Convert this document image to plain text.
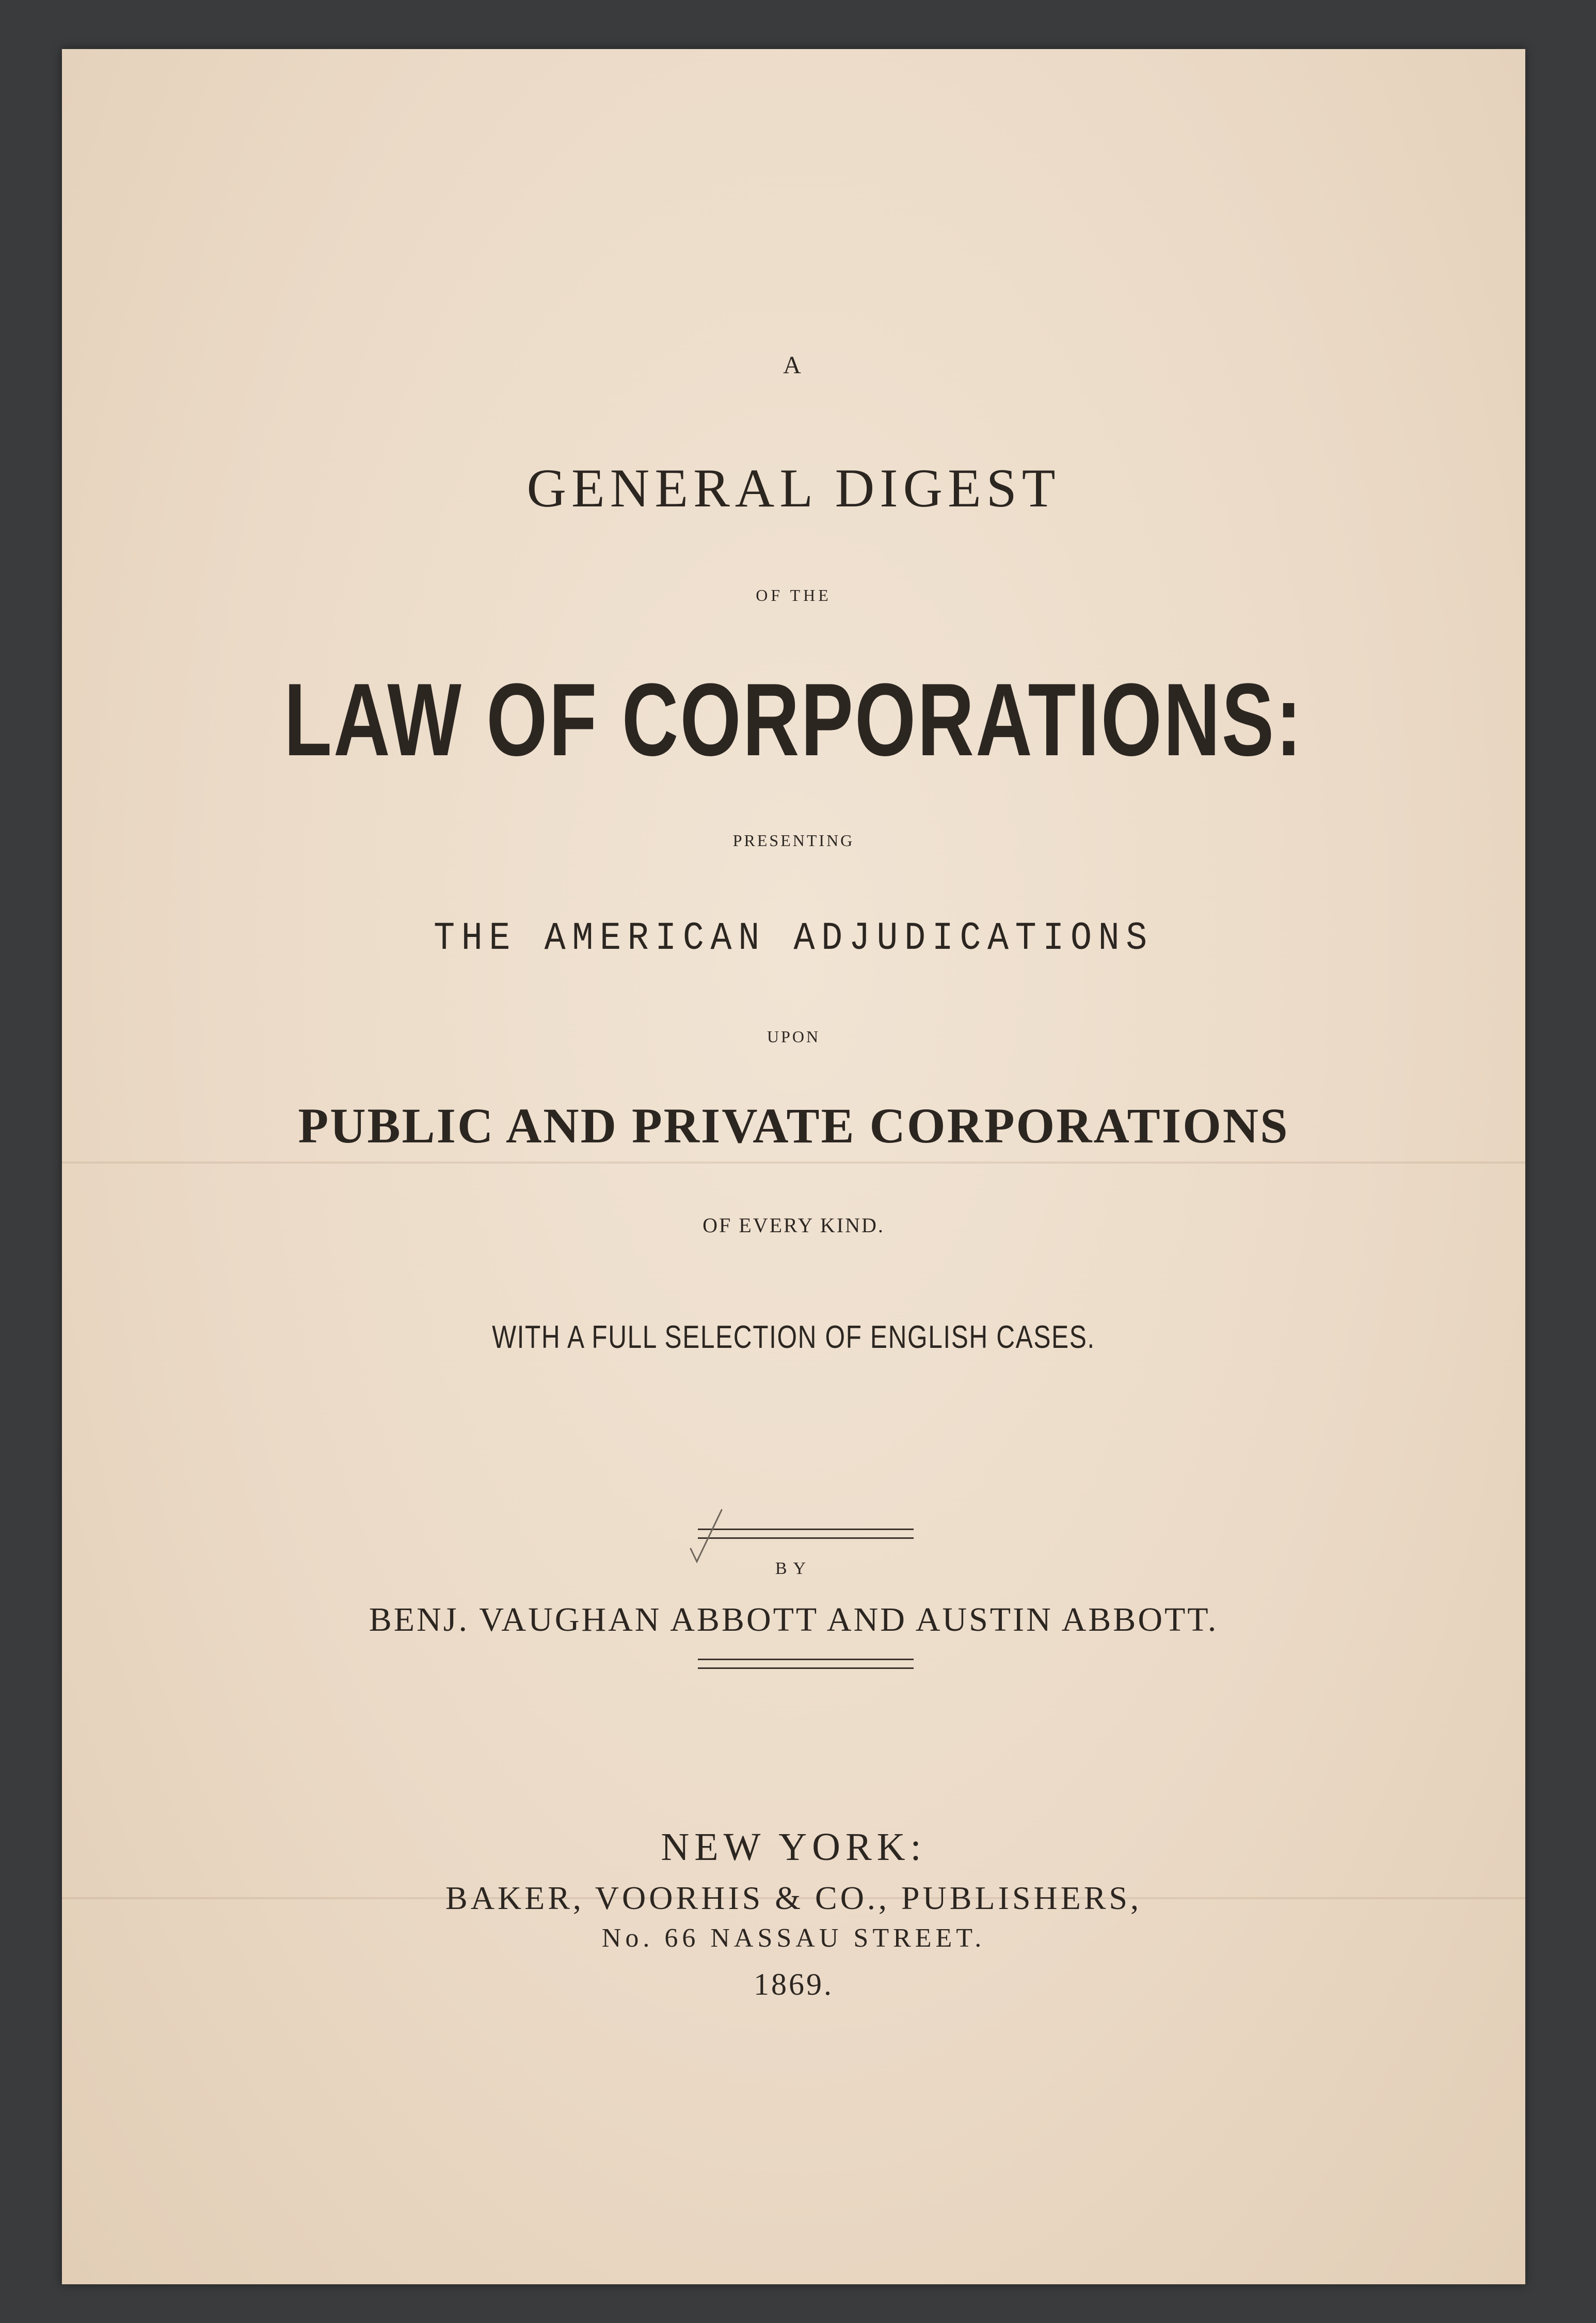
A

GENERAL DIGEST

OF THE

LAW OF CORPORATIONS:

PRESENTING

THE AMERICAN ADJUDICATIONS

UPON

PUBLIC AND PRIVATE CORPORATIONS

OF EVERY KIND.

WITH A FULL SELECTION OF ENGLISH CASES.

BY

BENJ. VAUGHAN ABBOTT AND AUSTIN ABBOTT.

NEW YORK:

BAKER, VOORHIS & CO., PUBLISHERS,

No. 66 NASSAU STREET.

1869.
